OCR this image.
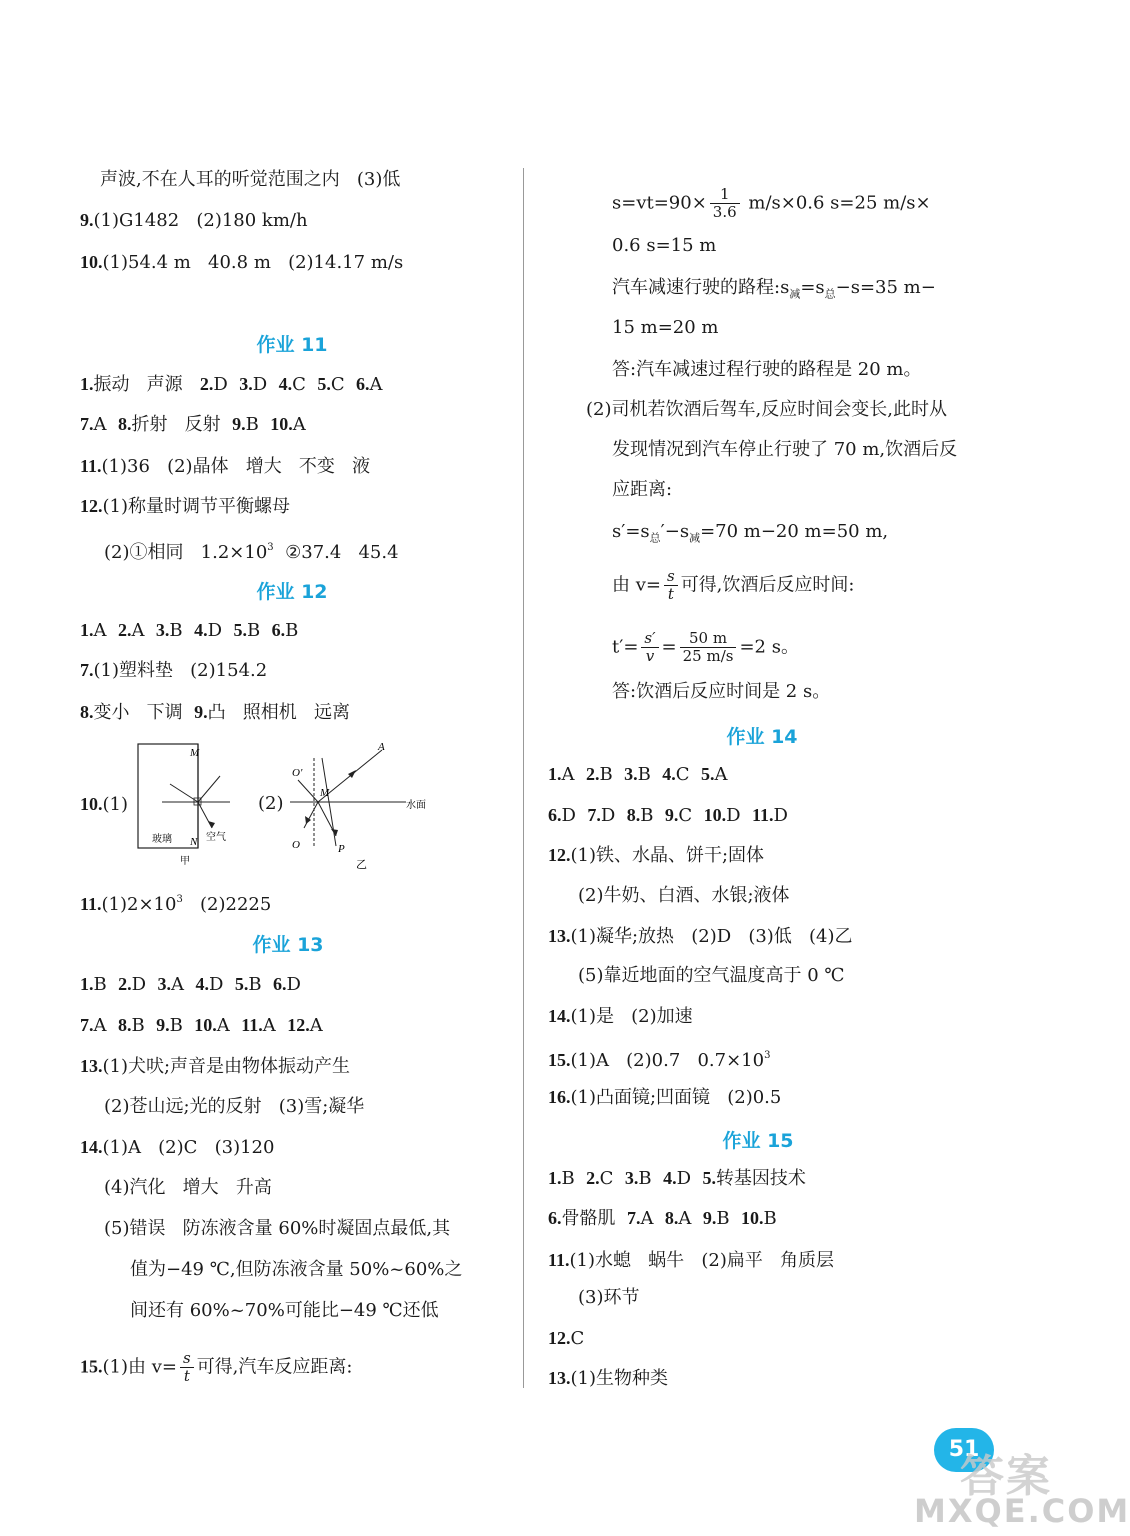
声波,不在人耳的听觉范围之内   (3)低
9.(1)G1482   (2)180 km/h
10.(1)54.4 m   40.8 m   (2)14.17 m/s
作业 11
1.振动   声源   2.D  3.D  4.C  5.C  6.A
7.A  8.折射   反射  9.B  10.A
11.(1)36   (2)晶体   增大   不变   液
12.(1)称量时调节平衡螺母
(2)①相同   $1.2\times 10^3$  ②37.4   45.4
作业 12
1.A  2.A  3.B  4.D  5.B  6.B
7.(1)塑料垫   (2)154.2
8.变小   下调  9.凸   照相机   远离
10.(1)
M
N
玻璃	空气
甲
(2)
A
M
O'
O	P
水面
乙
$11.(1)2\times 10^3$   (2)2225
作业 13
1.B  2.D  3.A  4.D  5.B  6.D
7.A  8.B  9.B  10.A  11.A  12.A
13.(1)犬吠;声音是由物体振动产生
(2)苍山远;光的反射   (3)雪;凝华
14.(1)A   (2)C   (3)120
(4)汽化   增大   升高
(5)错误   防冻液含量 60%时凝固点最低,其
值为−49 ℃,但防冻液含量 50%~60%之
间还有 60%~70%可能比−49 ℃还低
15.(1)由 $v= \frac{s}{t}$ 可得,汽车反应距离:
$s=vt=90\times \frac{1}{3.6} m/s\times 0.6$ s=25 m/s×
0.6 s=15 m
汽车减速行驶的路程$:s_减=s_总-s=35$ m−
15 m=20 m
答:汽车减速过程行驶的路程是 20 m。
(2)司机若饮酒后驾车,反应时间会变长,此时从
发现情况到汽车停止行驶了 70 m,饮酒后反
应距离:
$s'=s_总'-s_减=70$ m−20 m=50 m,
由 $v= \frac{s}{t}$ 可得,饮酒后反应时间:
$t'= \frac{s'}{v} = \frac{50 m}{25 m/s} =2$ s。
答:饮酒后反应时间是 2 s。
作业 14
1.A  2.B  3.B  4.C  5.A
6.D  7.D  8.B  9.C  10.D  11.D
12.(1)铁、水晶、饼干;固体
(2)牛奶、白酒、水银;液体
13.(1)凝华;放热   (2)D   (3)低   (4)乙
(5)靠近地面的空气温度高于 0 ℃
14.(1)是   (2)加速
15.(1)A   (2)0.7   $0.7\times 10^3$
16.(1)凸面镜;凹面镜   (2)0.5
作业 15
1.B  2.C  3.B  4.D  5.转基因技术
6.骨骼肌  7.A  8.A  9.B  10.B
11.(1)水螅   蜗牛   (2)扁平   角质层
(3)环节
12.C
13.(1)生物种类
51
答案
MXQE.COM
